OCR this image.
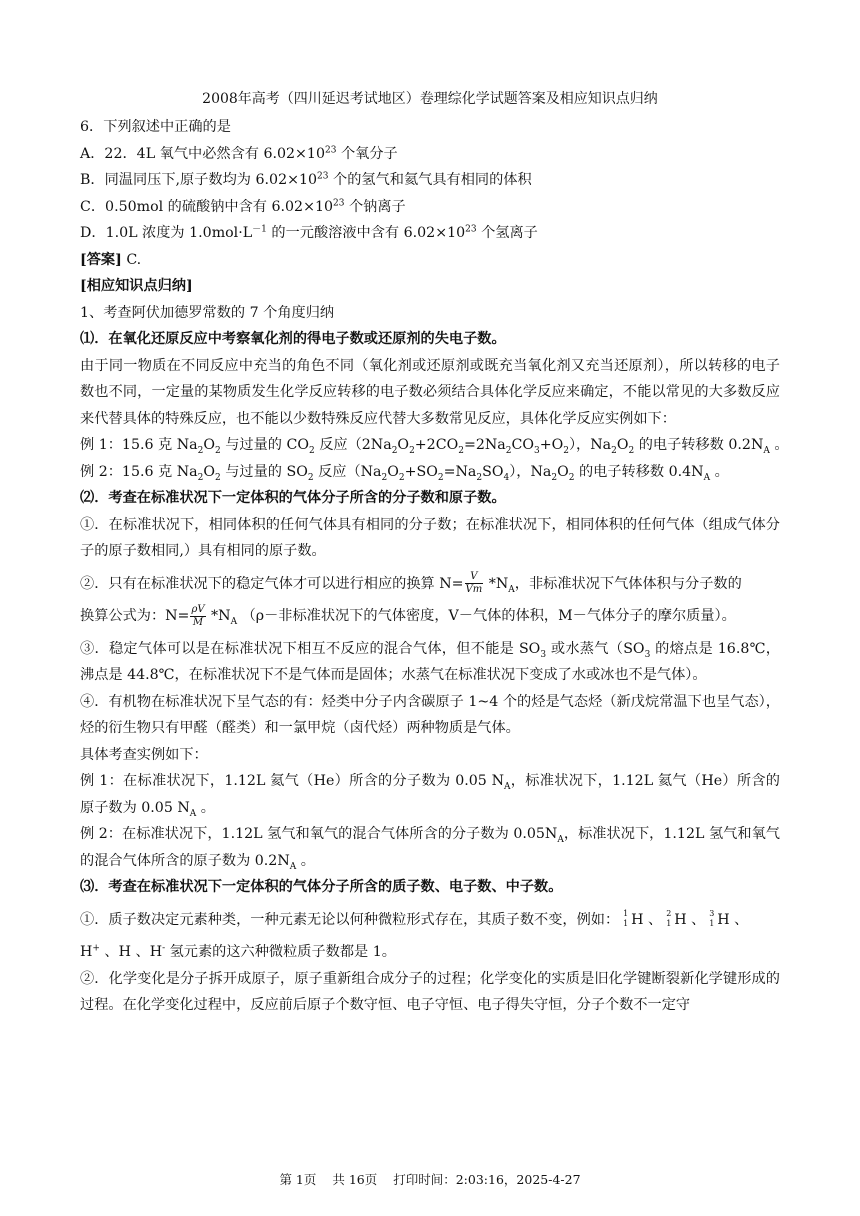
2008年高考（四川延迟考试地区）卷理综化学试题答案及相应知识点归纳
6．下列叙述中正确的是
A．22．4L 氧气中必然含有 $6.02\times 10^{23}$ 个氧分子
B．同温同压下,原子数均为 $6.02\times 10^{23}$ 个的氢气和氦气具有相同的体积
C．0.50mol 的硫酸钠中含有 $6.02\times 10^{23}$ 个钠离子
D．1.0L 浓度为 $1.0mol\cdot L^{-1}$ 的一元酸溶液中含有 $6.02\times 10^{23}$ 个氢离子
[答案] C.
[相应知识点归纳]
1、考查阿伏加德罗常数的 7 个角度归纳
⑴．在氧化还原反应中考察氧化剂的得电子数或还原剂的失电子数。
由于同一物质在不同反应中充当的角色不同（氧化剂或还原剂或既充当氧化剂又充当还原剂），所以转移的电子数也不同，一定量的某物质发生化学反应转移的电子数必须结合具体化学反应来确定，不能以常见的大多数反应来代替具体的特殊反应，也不能以少数特殊反应代替大多数常见反应，具体化学反应实例如下：
例 1：15.6 克 $Na_2O_2$ 与过量的 $CO_2$ 反应$(2Na_2O_2+2CO_2=2Na_2CO_3+O_2)$，$Na_2O_2$ 的电子转移数 $0.2N_A$ 。
例 2：15.6 克 $Na_2O_2$ 与过量的 $SO_2$ 反应$(Na_2O_2+SO_2=Na_2SO_4)$，$Na_2O_2$ 的电子转移数 $0.4N_A$ 。
⑵．考查在标准状况下一定体积的气体分子所含的分子数和原子数。
①．在标准状况下，相同体积的任何气体具有相同的分子数；在标准状况下，相同体积的任何气体（组成气体分子的原子数相同,）具有相同的原子数。
②．只有在标准状况下的稳定气体才可以进行相应的换算 $N= \frac{V}{Vm} *N_A$，非标准状况下气体体积与分子数的
换算公式为：$N= \frac{\rho V}{M} *N_A$ （ρ－非标准状况下的气体密度，V－气体的体积，M－气体分子的摩尔质量）。
③．稳定气体可以是在标准状况下相互不反应的混合气体，但不能是 $SO_3$ 或水蒸气（$SO_3$ 的熔点是 16.8℃，沸点是 44.8℃，在标准状况下不是气体而是固体；水蒸气在标准状况下变成了水或冰也不是气体）。
④．有机物在标准状况下呈气态的有：烃类中分子内含碳原子 1~4 个的烃是气态烃（新戊烷常温下也呈气态），烃的衍生物只有甲醛（醛类）和一氯甲烷（卤代烃）两种物质是气体。
具体考查实例如下：
例 1：在标准状况下，1.12L 氦气（He）所含的分子数为 0.05 $N_A$，标准状况下，1.12L 氦气（He）所含的原子数为 0.05 $N_A$ 。
例 2：在标准状况下，1.12L 氢气和氧气的混合气体所含的分子数为 $0.05N_A$，标准状况下，1.12L 氢气和氧气的混合气体所含的原子数为 $0.2N_A$ 。
⑶．考查在标准状况下一定体积的气体分子所含的质子数、电子数、中子数。
①．质子数决定元素种类，一种元素无论以何种微粒形式存在，其质子数不变，例如： 1
1 H 、 2
1 H 、 3
1 H 、
H+ 、H 、H- 氢元素的这六种微粒质子数都是 1。
②．化学变化是分子拆开成原子，原子重新组合成分子的过程；化学变化的实质是旧化学键断裂新化学键形成的过程。在化学变化过程中，反应前后原子个数守恒、电子守恒、电子得失守恒，分子个数不一定守
第 1页 共 16页 打印时间：2:03:16，2025-4-27
